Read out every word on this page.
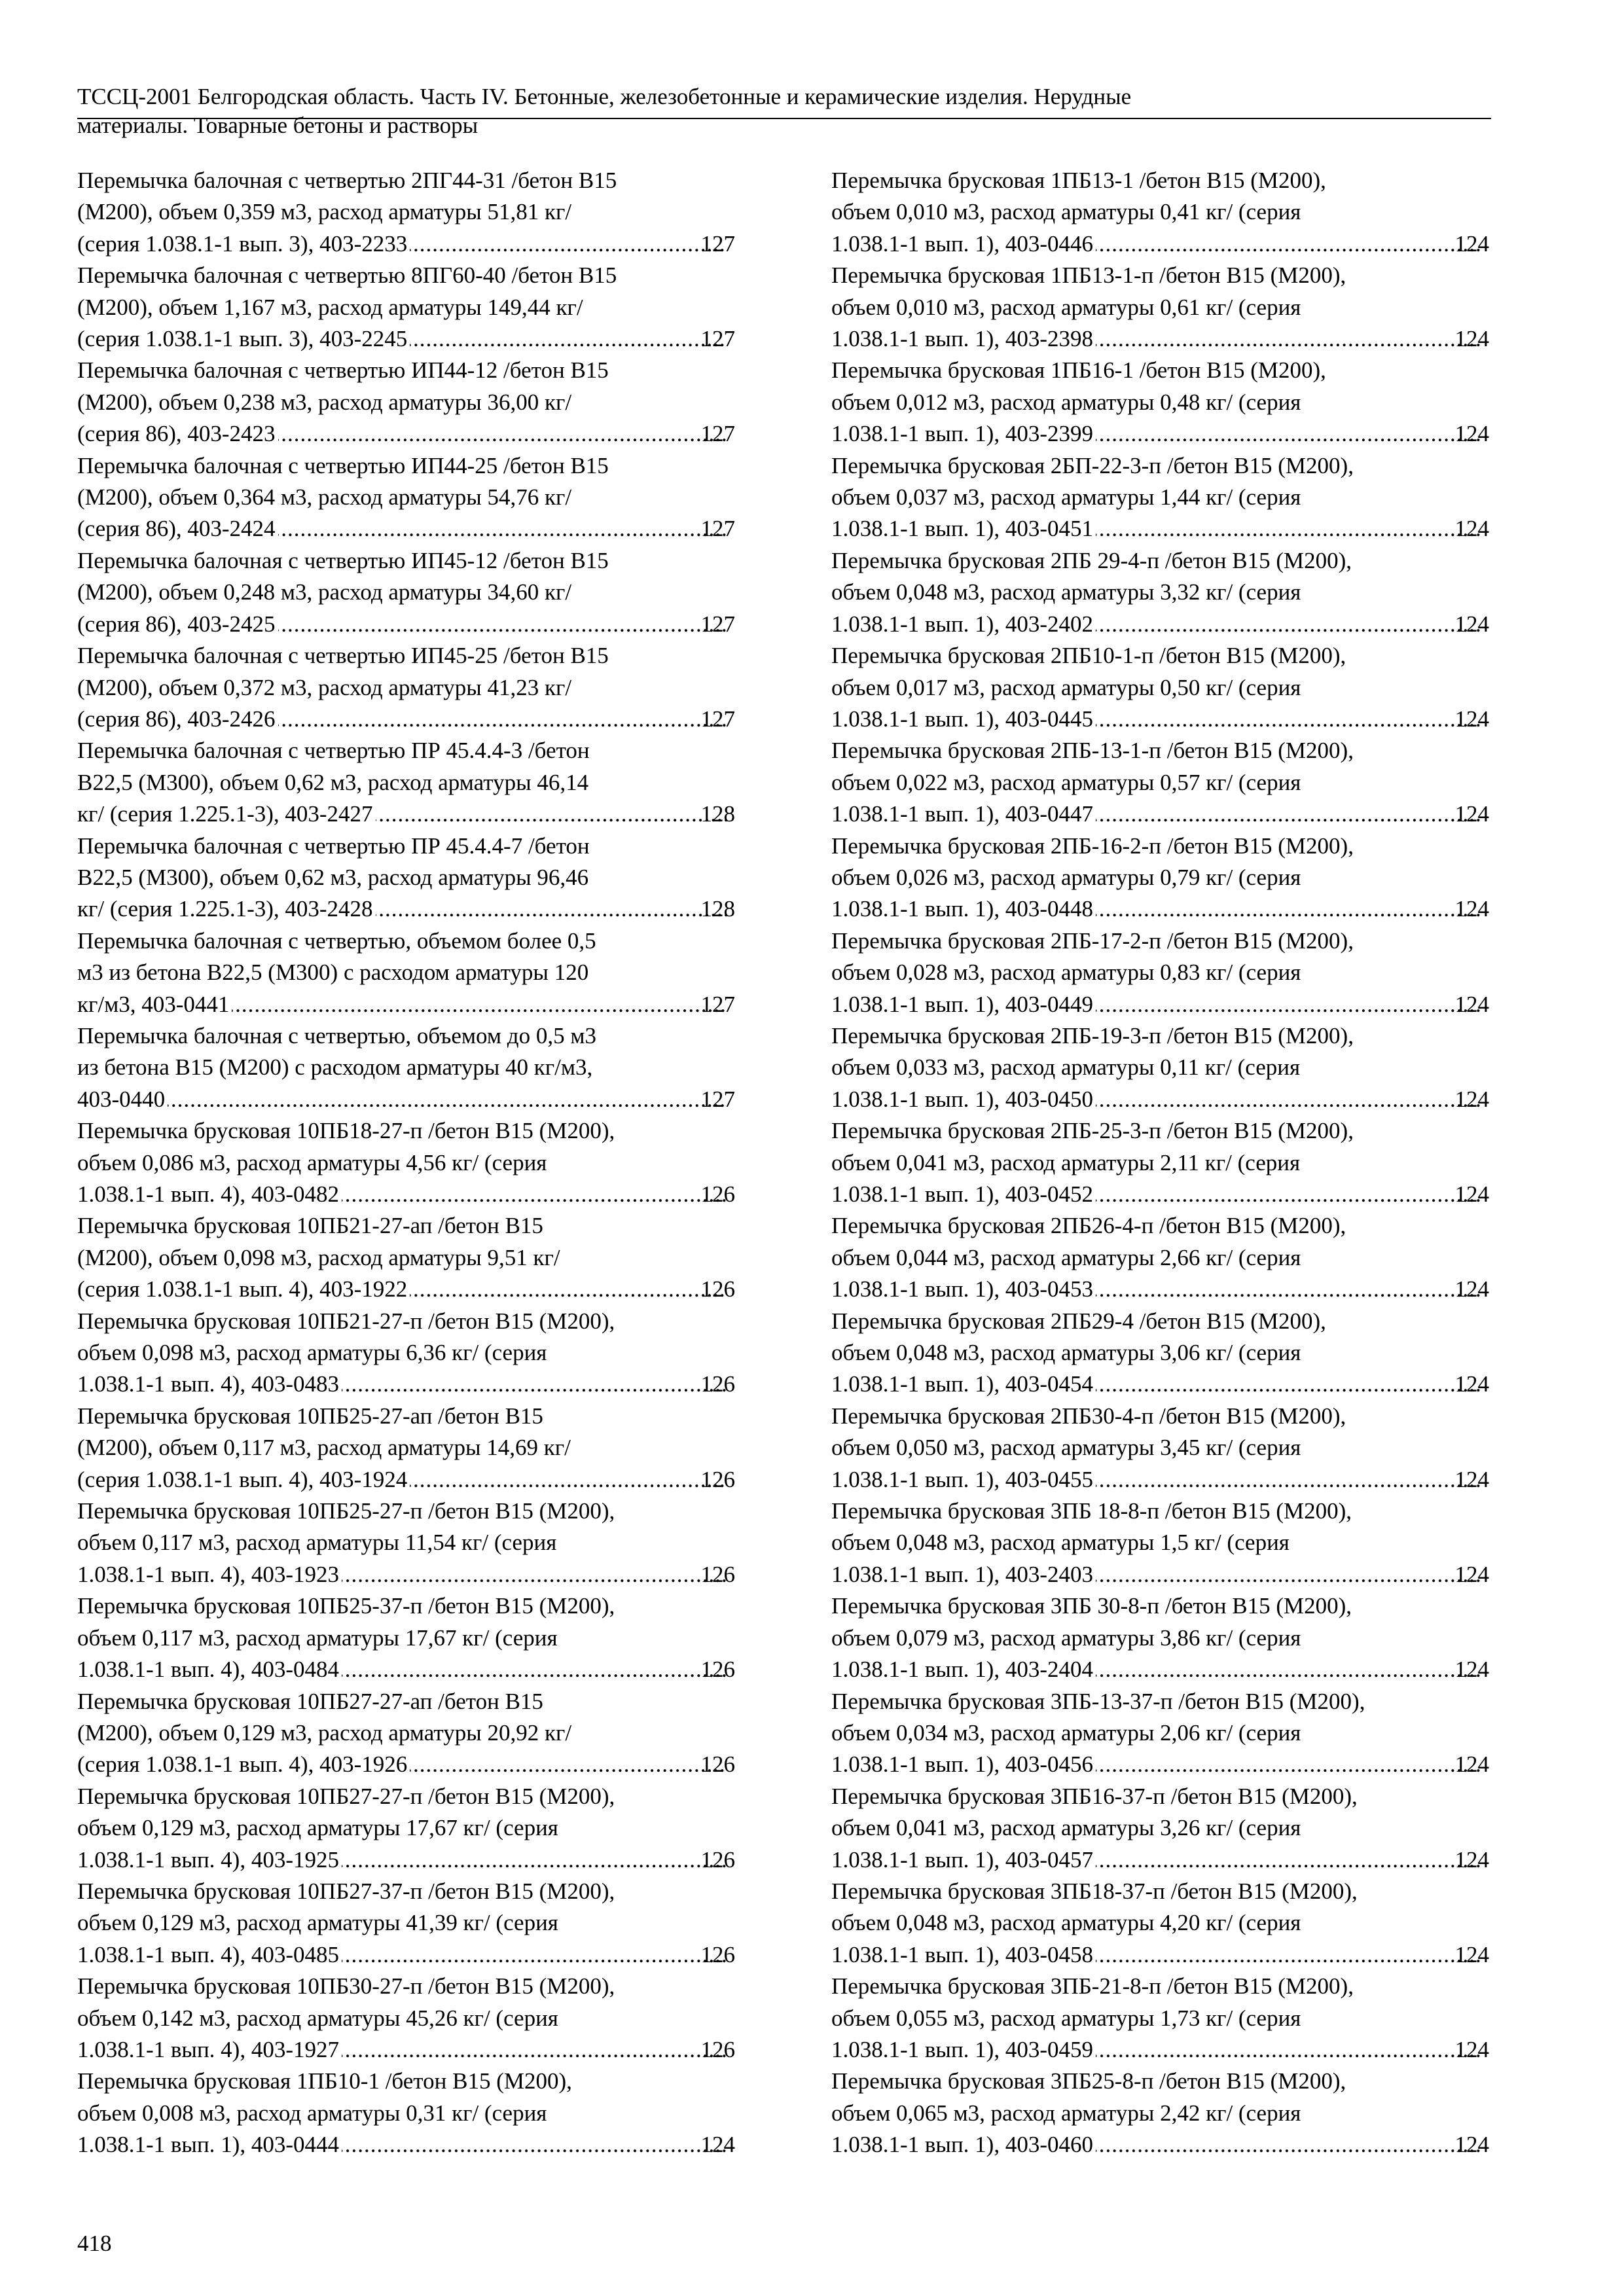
ТССЦ-2001 Белгородская область. Часть IV. Бетонные, железобетонные и керамические изделия. Нерудные
материалы. Товарные бетоны и растворы

Перемычка балочная с четвертью 2ПГ44-31 /бетон В15
(М200), объем 0,359 м3, расход арматуры 51,81 кг/
(серия 1.038.1-1 вып. 3), 403-2233 .....	127

Перемычка балочная с четвертью 8ПГ60-40 /бетон В15
(М200), объем 1,167 м3, расход арматуры 149,44 кг/
(серия 1.038.1-1 вып. 3), 403-2245 .....	127

Перемычка балочная с четвертью ИП44-12 /бетон В15
(М200), объем 0,238 м3, расход арматуры 36,00 кг/
(серия 86), 403-2423 .....	127

Перемычка балочная с четвертью ИП44-25 /бетон В15
(М200), объем 0,364 м3, расход арматуры 54,76 кг/
(серия 86), 403-2424 .....	127

Перемычка балочная с четвертью ИП45-12 /бетон В15
(М200), объем 0,248 м3, расход арматуры 34,60 кг/
(серия 86), 403-2425 .....	127

Перемычка балочная с четвертью ИП45-25 /бетон В15
(М200), объем 0,372 м3, расход арматуры 41,23 кг/
(серия 86), 403-2426 .....	127

Перемычка балочная с четвертью ПР 45.4.4-3 /бетон
В22,5 (М300), объем 0,62 м3, расход арматуры 46,14
кг/ (серия 1.225.1-3), 403-2427 .....	128

Перемычка балочная с четвертью ПР 45.4.4-7 /бетон
В22,5 (М300), объем 0,62 м3, расход арматуры 96,46
кг/ (серия 1.225.1-3), 403-2428 .....	128

Перемычка балочная с четвертью, объемом более 0,5
м3 из бетона В22,5 (М300) с расходом арматуры 120
кг/м3, 403-0441 .....	127

Перемычка балочная с четвертью, объемом до 0,5 м3
из бетона В15 (М200) с расходом арматуры 40 кг/м3,
403-0440 .....	127

Перемычка брусковая 10ПБ18-27-п /бетон В15 (М200),
объем 0,086 м3, расход арматуры 4,56 кг/ (серия
1.038.1-1 вып. 4), 403-0482 .....	126

Перемычка брусковая 10ПБ21-27-ап /бетон В15
(М200), объем 0,098 м3, расход арматуры 9,51 кг/
(серия 1.038.1-1 вып. 4), 403-1922 .....	126

Перемычка брусковая 10ПБ21-27-п /бетон В15 (М200),
объем 0,098 м3, расход арматуры 6,36 кг/ (серия
1.038.1-1 вып. 4), 403-0483 .....	126

Перемычка брусковая 10ПБ25-27-ап /бетон В15
(М200), объем 0,117 м3, расход арматуры 14,69 кг/
(серия 1.038.1-1 вып. 4), 403-1924 .....	126

Перемычка брусковая 10ПБ25-27-п /бетон В15 (М200),
объем 0,117 м3, расход арматуры 11,54 кг/ (серия
1.038.1-1 вып. 4), 403-1923 .....	126

Перемычка брусковая 10ПБ25-37-п /бетон В15 (М200),
объем 0,117 м3, расход арматуры 17,67 кг/ (серия
1.038.1-1 вып. 4), 403-0484 .....	126

Перемычка брусковая 10ПБ27-27-ап /бетон В15
(М200), объем 0,129 м3, расход арматуры 20,92 кг/
(серия 1.038.1-1 вып. 4), 403-1926 .....	126

Перемычка брусковая 10ПБ27-27-п /бетон В15 (М200),
объем 0,129 м3, расход арматуры 17,67 кг/ (серия
1.038.1-1 вып. 4), 403-1925 .....	126

Перемычка брусковая 10ПБ27-37-п /бетон В15 (М200),
объем 0,129 м3, расход арматуры 41,39 кг/ (серия
1.038.1-1 вып. 4), 403-0485 .....	126

Перемычка брусковая 10ПБ30-27-п /бетон В15 (М200),
объем 0,142 м3, расход арматуры 45,26 кг/ (серия
1.038.1-1 вып. 4), 403-1927 .....	126

Перемычка брусковая 1ПБ10-1 /бетон В15 (М200),
объем 0,008 м3, расход арматуры 0,31 кг/ (серия
1.038.1-1 вып. 1), 403-0444 .....	124

Перемычка брусковая 1ПБ13-1 /бетон В15 (М200),
объем 0,010 м3, расход арматуры 0,41 кг/ (серия
1.038.1-1 вып. 1), 403-0446 .....	124

Перемычка брусковая 1ПБ13-1-п /бетон В15 (М200),
объем 0,010 м3, расход арматуры 0,61 кг/ (серия
1.038.1-1 вып. 1), 403-2398 .....	124

Перемычка брусковая 1ПБ16-1 /бетон В15 (М200),
объем 0,012 м3, расход арматуры 0,48 кг/ (серия
1.038.1-1 вып. 1), 403-2399 .....	124

Перемычка брусковая 2БП-22-3-п /бетон В15 (М200),
объем 0,037 м3, расход арматуры 1,44 кг/ (серия
1.038.1-1 вып. 1), 403-0451 .....	124

Перемычка брусковая 2ПБ 29-4-п /бетон В15 (М200),
объем 0,048 м3, расход арматуры 3,32 кг/ (серия
1.038.1-1 вып. 1), 403-2402 .....	124

Перемычка брусковая 2ПБ10-1-п /бетон В15 (М200),
объем 0,017 м3, расход арматуры 0,50 кг/ (серия
1.038.1-1 вып. 1), 403-0445 .....	124

Перемычка брусковая 2ПБ-13-1-п /бетон В15 (М200),
объем 0,022 м3, расход арматуры 0,57 кг/ (серия
1.038.1-1 вып. 1), 403-0447 .....	124

Перемычка брусковая 2ПБ-16-2-п /бетон В15 (М200),
объем 0,026 м3, расход арматуры 0,79 кг/ (серия
1.038.1-1 вып. 1), 403-0448 .....	124

Перемычка брусковая 2ПБ-17-2-п /бетон В15 (М200),
объем 0,028 м3, расход арматуры 0,83 кг/ (серия
1.038.1-1 вып. 1), 403-0449 .....	124

Перемычка брусковая 2ПБ-19-3-п /бетон В15 (М200),
объем 0,033 м3, расход арматуры 0,11 кг/ (серия
1.038.1-1 вып. 1), 403-0450 .....	124

Перемычка брусковая 2ПБ-25-3-п /бетон В15 (М200),
объем 0,041 м3, расход арматуры 2,11 кг/ (серия
1.038.1-1 вып. 1), 403-0452 .....	124

Перемычка брусковая 2ПБ26-4-п /бетон В15 (М200),
объем 0,044 м3, расход арматуры 2,66 кг/ (серия
1.038.1-1 вып. 1), 403-0453 .....	124

Перемычка брусковая 2ПБ29-4 /бетон В15 (М200),
объем 0,048 м3, расход арматуры 3,06 кг/ (серия
1.038.1-1 вып. 1), 403-0454 .....	124

Перемычка брусковая 2ПБ30-4-п /бетон В15 (М200),
объем 0,050 м3, расход арматуры 3,45 кг/ (серия
1.038.1-1 вып. 1), 403-0455 .....	124

Перемычка брусковая 3ПБ 18-8-п /бетон В15 (М200),
объем 0,048 м3, расход арматуры 1,5 кг/ (серия
1.038.1-1 вып. 1), 403-2403 .....	124

Перемычка брусковая 3ПБ 30-8-п /бетон В15 (М200),
объем 0,079 м3, расход арматуры 3,86 кг/ (серия
1.038.1-1 вып. 1), 403-2404 .....	124

Перемычка брусковая 3ПБ-13-37-п /бетон В15 (М200),
объем 0,034 м3, расход арматуры 2,06 кг/ (серия
1.038.1-1 вып. 1), 403-0456 .....	124

Перемычка брусковая 3ПБ16-37-п /бетон В15 (М200),
объем 0,041 м3, расход арматуры 3,26 кг/ (серия
1.038.1-1 вып. 1), 403-0457 .....	124

Перемычка брусковая 3ПБ18-37-п /бетон В15 (М200),
объем 0,048 м3, расход арматуры 4,20 кг/ (серия
1.038.1-1 вып. 1), 403-0458 .....	124

Перемычка брусковая 3ПБ-21-8-п /бетон В15 (М200),
объем 0,055 м3, расход арматуры 1,73 кг/ (серия
1.038.1-1 вып. 1), 403-0459 .....	124

Перемычка брусковая 3ПБ25-8-п /бетон В15 (М200),
объем 0,065 м3, расход арматуры 2,42 кг/ (серия
1.038.1-1 вып. 1), 403-0460 .....	124

418
